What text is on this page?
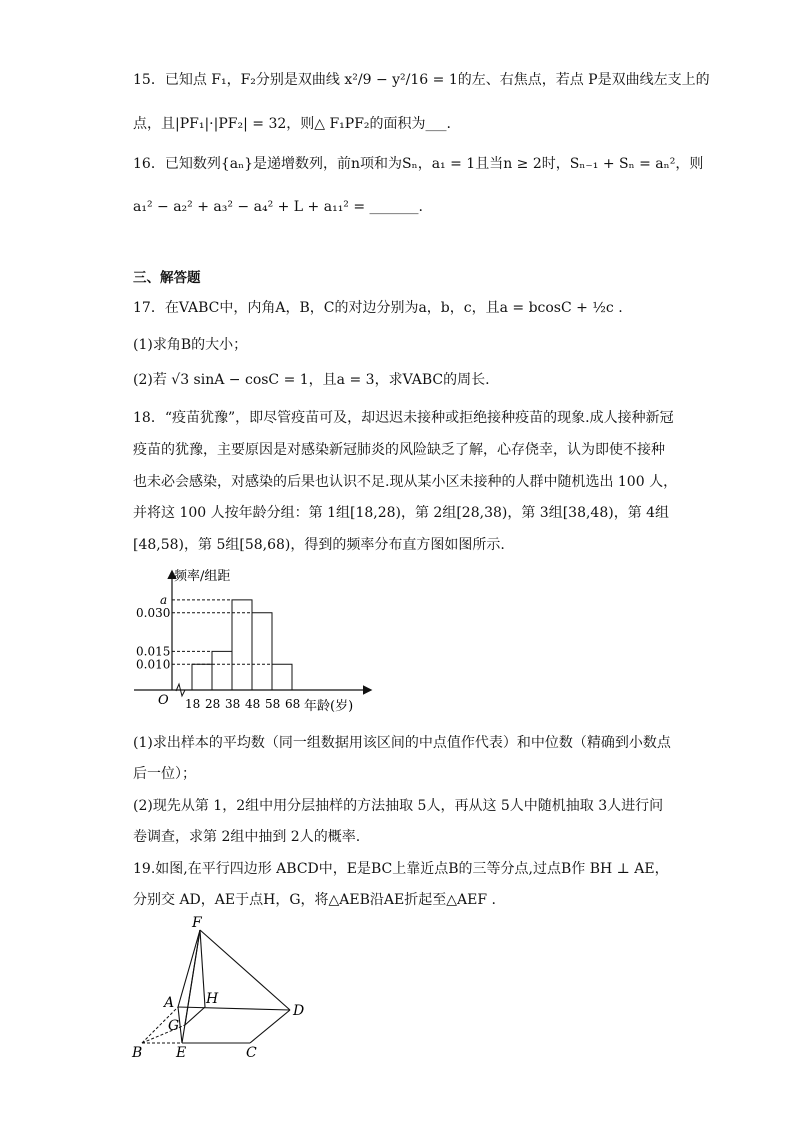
15．已知点 F₁，F₂分别是双曲线 x²/9 − y²/16 = 1的左、右焦点，若点 P是双曲线左支上的
点，且|PF₁|·|PF₂| = 32，则△ F₁PF₂的面积为___.
16．已知数列{aₙ}是递增数列，前n项和为Sₙ，a₁ = 1且当n ≥ 2时，Sₙ₋₁ + Sₙ = aₙ²，则
a₁² − a₂² + a₃² − a₄² + L + a₁₁² = _______.
三、解答题
17．在VABC中，内角A，B，C的对边分别为a，b，c，且a = bcosC + ½c .
(1)求角B的大小；
(2)若 √3 sinA − cosC = 1，且a = 3，求VABC的周长.
18．“疫苗犹豫”，即尽管疫苗可及，却迟迟未接种或拒绝接种疫苗的现象.成人接种新冠
疫苗的犹豫，主要原因是对感染新冠肺炎的风险缺乏了解，心存侥幸，认为即使不接种
也未必会感染，对感染的后果也认识不足.现从某小区未接种的人群中随机选出 100 人，
并将这 100 人按年龄分组：第 1组[18,28)，第 2组[28,38)，第 3组[38,48)，第 4组
[48,58)，第 5组[58,68)，得到的频率分布直方图如图所示.
频率/组距
O	年龄(岁)
18 28 38 48 58 68
a
0.030
0.015
0.010
(1)求出样本的平均数（同一组数据用该区间的中点值作代表）和中位数（精确到小数点
后一位）；
(2)现先从第 1，2组中用分层抽样的方法抽取 5人，再从这 5人中随机抽取 3人进行问
卷调查，求第 2组中抽到 2人的概率.
19.如图,在平行四边形 ABCD中，E是BC上靠近点B的三等分点,过点B作 BH ⊥ AE，
分别交 AD，AE于点H，G，将△AEB沿AE折起至△AEF .
F
A H
D
G
B E	C
